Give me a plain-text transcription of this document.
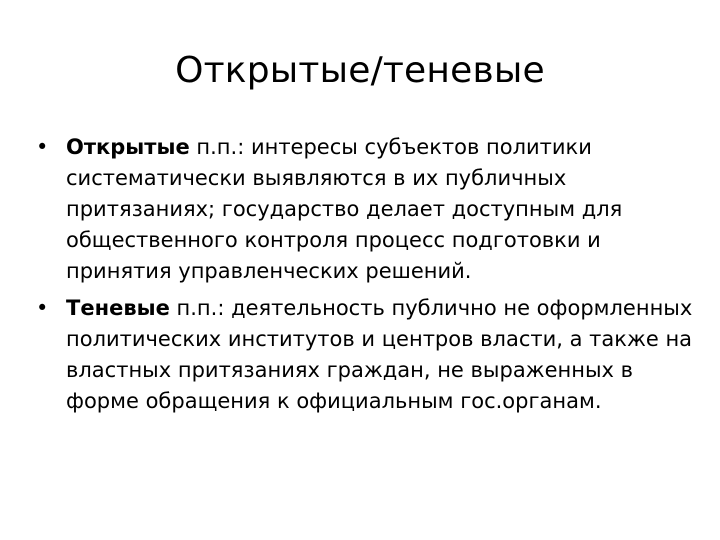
Открытые/теневые
• Открытые п.п.: интересы субъектов политики систематически выявляются в их публичных притязаниях; государство делает доступным для общественного контроля процесс подготовки и принятия управленческих решений.
• Теневые п.п.: деятельность публично не оформленных политических институтов и центров власти, а также на властных притязаниях граждан, не выраженных в форме обращения к официальным гос.органам.
